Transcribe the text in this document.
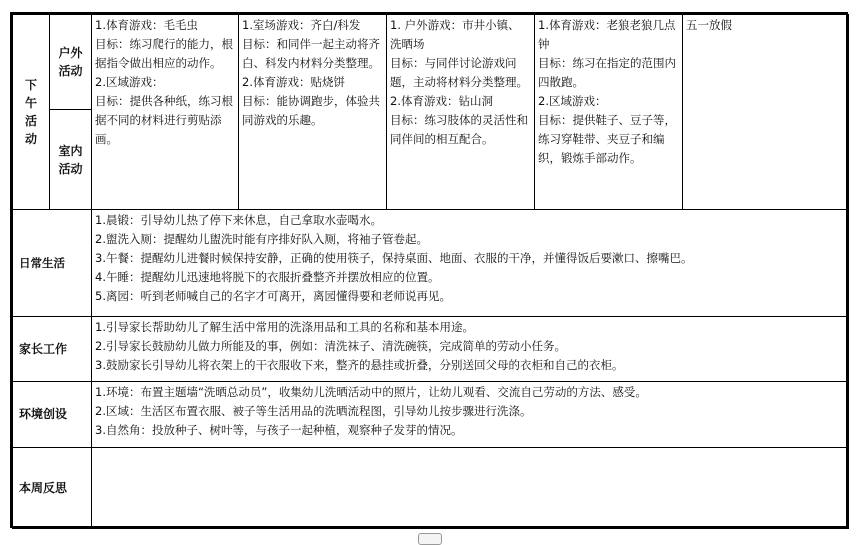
下午活动	户外活动	1.体育游戏：毛毛虫
目标：练习爬行的能力，根据指令做出相应的动作。
2.区域游戏：
目标：提供各种纸，练习根据不同的材料进行剪贴添画。	1.室场游戏：齐白/科发
目标：和同伴一起主动将齐白、科发内材料分类整理。
2.体育游戏：贴烧饼
目标：能协调跑步，体验共同游戏的乐趣。	1. 户外游戏：市井小镇、洗晒场
目标：与同伴讨论游戏问题，主动将材料分类整理。
2.体育游戏：钻山洞
目标：练习肢体的灵活性和同伴间的相互配合。	1.体育游戏：老狼老狼几点钟
目标：练习在指定的范围内四散跑。
2.区域游戏：
目标：提供鞋子、豆子等，练习穿鞋带、夹豆子和编织，锻炼手部动作。	五一放假

	室内活动					
日常生活		1.晨锻：引导幼儿热了停下来休息，自己拿取水壶喝水。
2.盥洗入厕：提醒幼儿盥洗时能有序排好队入厕，将袖子管卷起。
3.午餐：提醒幼儿进餐时候保持安静，正确的使用筷子，保持桌面、地面、衣服的干净，并懂得饭后要漱口、擦嘴巴。
4.午睡：提醒幼儿迅速地将脱下的衣服折叠整齐并摆放相应的位置。
5.离园：听到老师喊自己的名字才可离开，离园懂得要和老师说再见。				

家长工作		1.引导家长帮助幼儿了解生活中常用的洗涤用品和工具的名称和基本用途。
2.引导家长鼓励幼儿做力所能及的事，例如：清洗袜子、清洗碗筷，完成简单的劳动小任务。
3.鼓励家长引导幼儿将衣架上的干衣服收下来，整齐的悬挂或折叠，分别送回父母的衣柜和自己的衣柜。				

环境创设		1.环境：布置主题墙“洗晒总动员”，收集幼儿洗晒活动中的照片，让幼儿观看、交流自己劳动的方法、感受。
2.区域：生活区布置衣服、被子等生活用品的洗晒流程图，引导幼儿按步骤进行洗涤。
3.自然角：投放种子、树叶等，与孩子一起种植，观察种子发芽的情况。				

本周反思						
